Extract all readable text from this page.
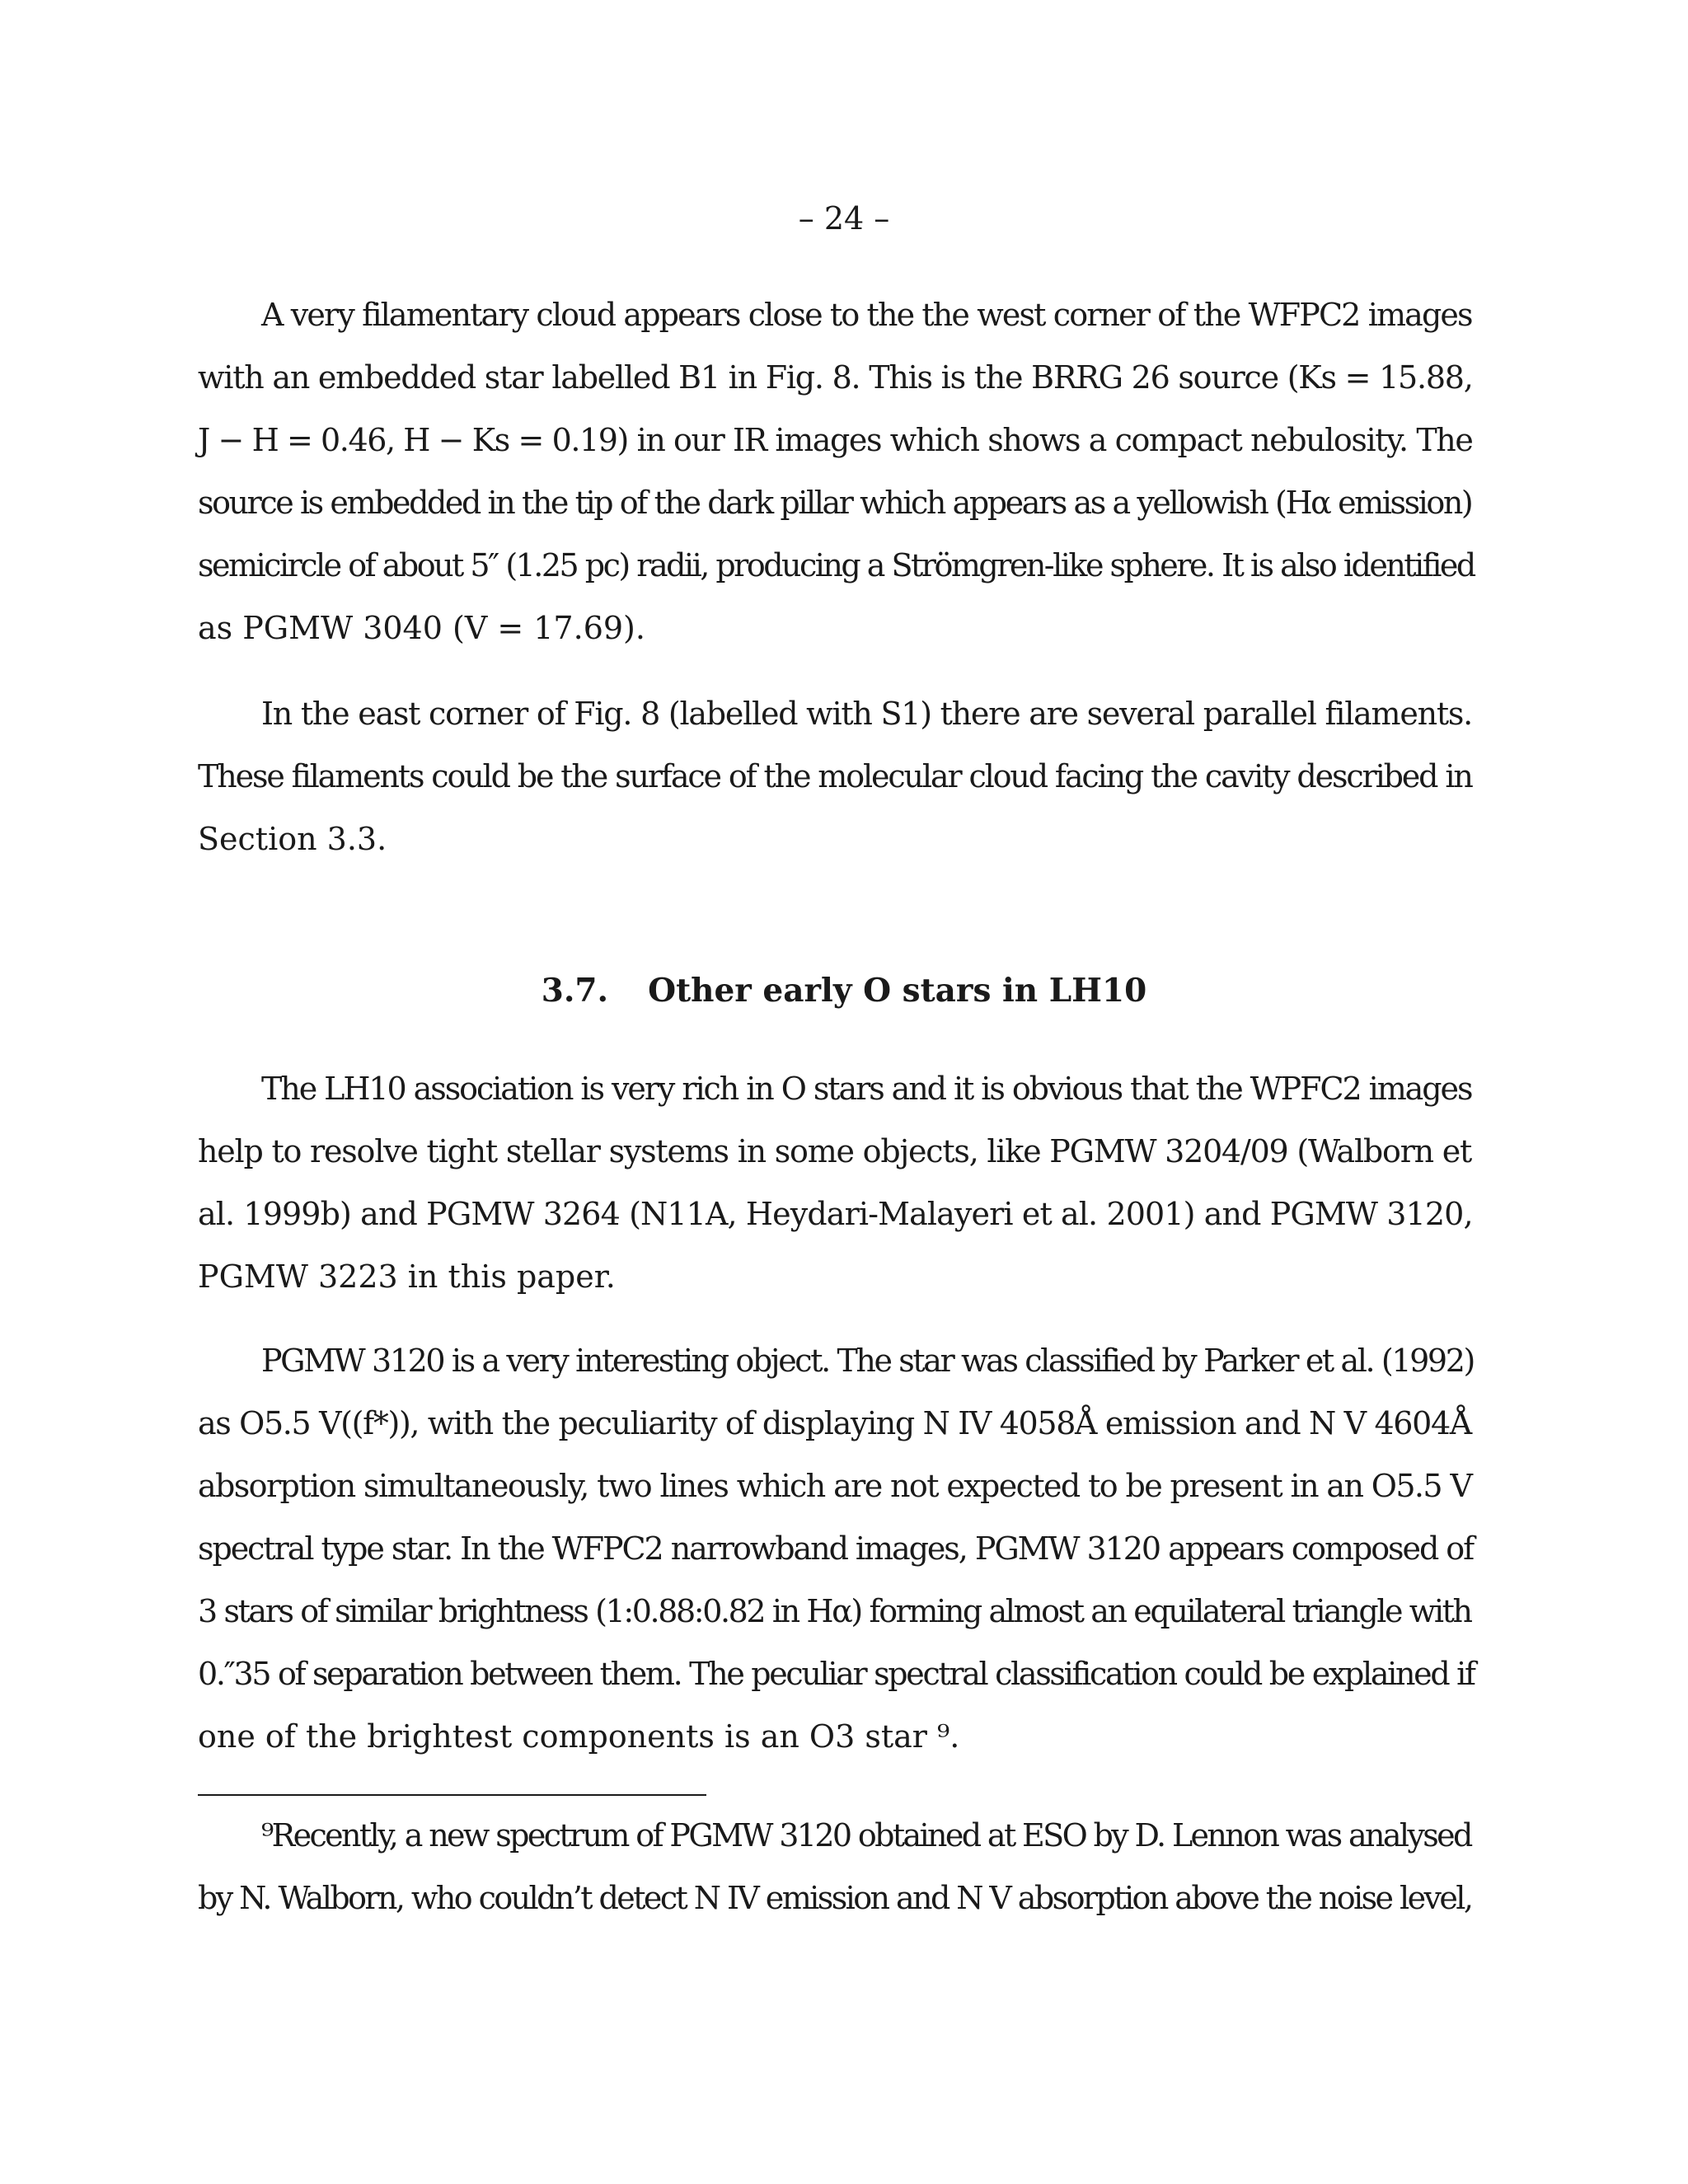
– 24 –
A very filamentary cloud appears close to the the west corner of the WFPC2 images
with an embedded star labelled B1 in Fig. 8. This is the BRRG 26 source (Ks = 15.88,
J − H = 0.46, H − Ks = 0.19) in our IR images which shows a compact nebulosity. The
source is embedded in the tip of the dark pillar which appears as a yellowish (Hα emission)
semicircle of about 5″ (1.25 pc) radii, producing a Strömgren-like sphere. It is also identified
as PGMW 3040 (V = 17.69).
In the east corner of Fig. 8 (labelled with S1) there are several parallel filaments.
These filaments could be the surface of the molecular cloud facing the cavity described in
Section 3.3.
3.7. Other early O stars in LH10
The LH10 association is very rich in O stars and it is obvious that the WPFC2 images
help to resolve tight stellar systems in some objects, like PGMW 3204/09 (Walborn et
al. 1999b) and PGMW 3264 (N11A, Heydari-Malayeri et al. 2001) and PGMW 3120,
PGMW 3223 in this paper.
PGMW 3120 is a very interesting object. The star was classified by Parker et al. (1992)
as O5.5 V((f*)), with the peculiarity of displaying N IV 4058Å emission and N V 4604Å
absorption simultaneously, two lines which are not expected to be present in an O5.5 V
spectral type star. In the WFPC2 narrowband images, PGMW 3120 appears composed of
3 stars of similar brightness (1:0.88:0.82 in Hα) forming almost an equilateral triangle with
0.″35 of separation between them. The peculiar spectral classification could be explained if
one of the brightest components is an O3 star ⁹.
⁹Recently, a new spectrum of PGMW 3120 obtained at ESO by D. Lennon was analysed
by N. Walborn, who couldn’t detect N IV emission and N V absorption above the noise level,
